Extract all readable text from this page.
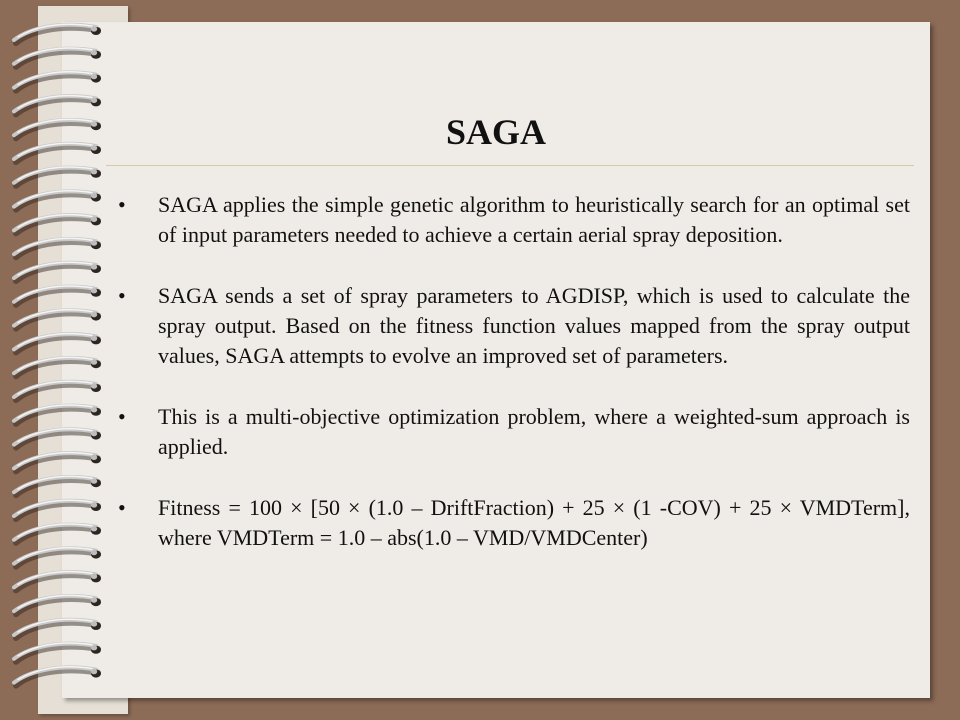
SAGA
• SAGA applies the simple genetic algorithm to heuristically search for an optimal set of input parameters needed to achieve a certain aerial spray deposition.
• SAGA sends a set of spray parameters to AGDISP, which is used to calculate the spray output. Based on the fitness function values mapped from the spray output values, SAGA attempts to evolve an improved set of parameters.
• This is a multi-objective optimization problem, where a weighted-sum approach is applied.
• Fitness = 100 × [50 × (1.0 – DriftFraction) + 25 × (1 -COV) + 25 × VMDTerm], where VMDTerm = 1.0 – abs(1.0 – VMD/VMDCenter)
